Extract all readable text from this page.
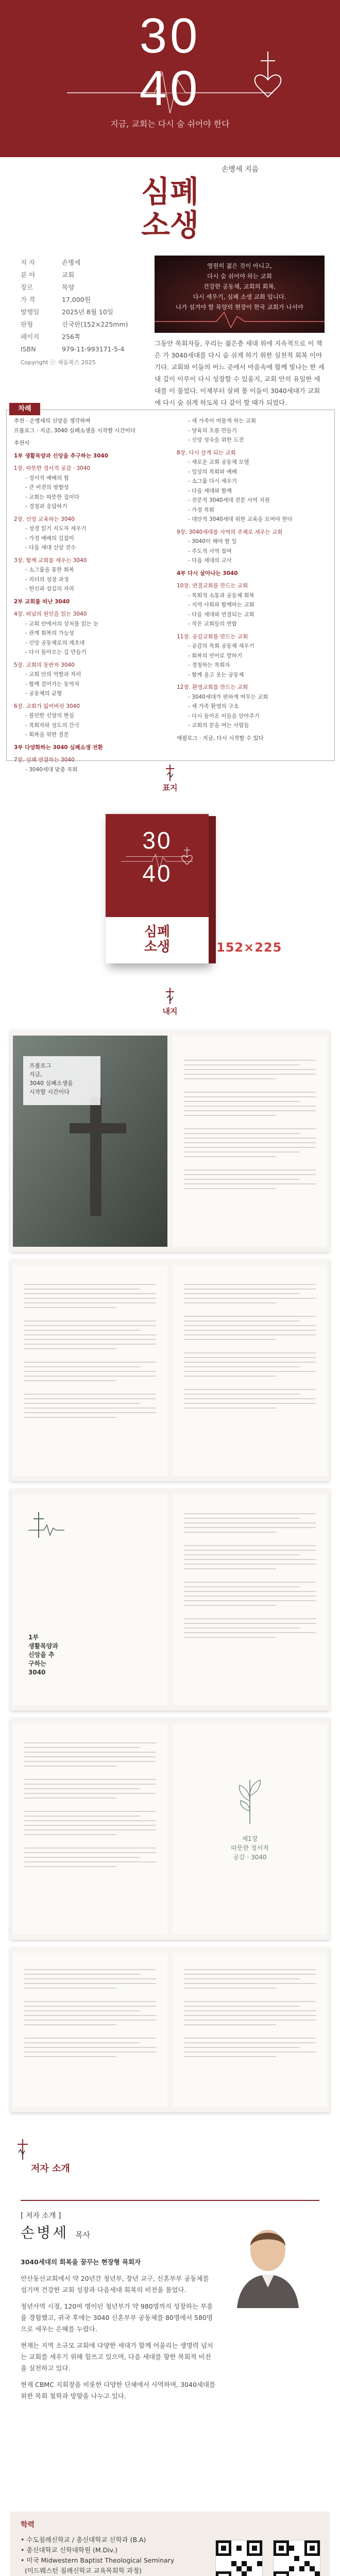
30
40
지금, 교회는 다시 숨 쉬어야 한다
손병세 지음
심폐
소생
저 자	손병세
분 야	교회
장르	목양
가 격	17,000원
발행일	2025년 8월 10일
판형	신국판(152×225mm)
페이지	256쪽
ISBN	979-11-993171-5-4
Copyright ⓒ 세움북스 2025
영원히 젊은 것이 아니고,
다시 숨 쉬어야 하는 교회
건강한 공동체, 교회의 회복,
다시 세우기, 심폐 소생 교회 입니다.
나가 섬겨야 할 목양의 현장이 한국 교회가 나서야
그동안 목회자들, 우리는 젊은층 세대 위에 지속적으로 이 책은 가 3040세대를 다시 숨 쉬게 하기 위한 실천적 회복 이야기다. 교회와 이들의 어느 곳에서 마음속에 함께 빛나는 한 세대 깊이 이루이 다시 성장할 수 있을지, 교회 안의 유일한 세대를 이 물었다. 이제부터 살펴 볼 이들이 3040세대가 교회에 다시 숨 쉬게 하도록 다 같이 할 때가 되었다.
추천 · 손병세의 신앙을 생각하며
프롤로그 · 지금, 3040 심폐소생을 시작할 시간이다
추천사
1부 생활목양과 신앙을 추구하는 3040
1장. 따뜻한 정서적 공감 · 3040
- 정서적 예배의 힘
- 큰 비전의 방향성
- 교회는 따뜻한 집이다
- 경청과 응답하기
2장. 신앙 교육하는 3040
- 성경 읽기 지도자 세우기
- 가정 예배의 길잡이
- 다음 세대 신앙 전수
3장. 함께 교회를 세우는 3040
- 소그룹을 통한 회복
- 리더의 성장 과정
- 헌신과 섬김의 자리
2부 교회를 떠난 3040
4장. 떠남의 원인을 읽는 3040
- 교회 안에서의 상처를 읽는 눈
- 관계 회복의 가능성
- 신앙 공동체로의 재초대
- 다시 돌아오는 길 만들기
5장. 교회의 동반자 3040
- 교회 안의 역할과 자리
- 함께 걸어가는 동역자
- 공동체의 균형
6장. 교회가 잃어버린 3040
- 불안한 신앙의 현실
- 목회자와 성도의 간극
- 회복을 위한 질문
3부 다양화하는 3040 심폐소생 전환
7장. 심폐 연결하는 3040
- 3040세대 맞춤 목회
- 새 가족이 머물게 하는 교회
- 양육의 흐름 만들기
- 신앙 성숙을 위한 도전
8장. 다시 살게 되는 교회
- 새로운 교회 공동체 모델
- 일상의 목회와 예배
- 소그룹 다시 세우기
- 다음 세대와 함께
- 전문적 3040세대 전문 사역 지원
- 가정 목회
- 대안적 3040세대 위한 교육을 모여야 한다
9장. 3040세대를 사역의 주체로 세우는 교회
- 3040이 해야 할 일
- 주도적 사역 참여
- 다음 세대의 교사
4부 다시 살아나는 3040
10장. 연결교회를 만드는 교회
- 목회적 소통과 공동체 회복
- 지역 사회와 함께하는 교회
- 다음 세대와 연결되는 교회
- 작은 교회들의 연합
11장. 공감교회를 만드는 교회
- 공감의 목회 공동체 세우기
- 회복의 언어로 말하기
- 경청하는 목회자
- 함께 울고 웃는 공동체
12장. 환영교회를 만드는 교회
- 3040세대가 편하게 머무는 교회
- 새 가족 환영의 구조
- 다시 돌아온 이들을 안아주기
- 교회의 문을 여는 사람들
에필로그 · 지금, 다시 시작할 수 있다
차례
표지
30
40
심폐
소생	152×225
내지
프롤로그
지금,
3040 심폐소생을
시작할 시간이다
1부
생활목양과
신앙을 추구하는
3040
제1장
따뜻한 정서적
공감 · 3040
저자 소개
[ 저자 소개 ]
손병세 목사

3040세대의 회복을 꿈꾸는 현장형 목회자

안산동산교회에서 약 20년간 청년부, 장년 교구, 신혼부부 공동체를 섬기며 건강한 교회 성장과 다음세대 회복의 비전을 품었다.

청년사역 시절, 120여 명이던 청년부가 약 980명까지 성장하는 부흥을 경험했고, 귀국 후에는 3040 신혼부부 공동체를 80명에서 580명으로 세우는 은혜를 누렸다.

현재는 지역 소규모 교회에 다양한 세대가 함께 어울리는 생명력 넘치는 교회를 세우기 위해 힘쓰고 있으며, 다음 세대를 향한 목회적 비전을 실천하고 있다.

현재 CBMC 지회장을 비롯한 다양한 단체에서 사역하며, 3040세대를 위한 목회 철학과 방향을 나누고 있다.

학력
• 수도침례신학교 / 총신대학교 신학과 (B.A)
• 총신대학교 신학대학원 (M.Div.)
• 미국 Midwestern Baptist Theological Seminary
(미드웨스턴 침례신학교 교육목회학 과정)
